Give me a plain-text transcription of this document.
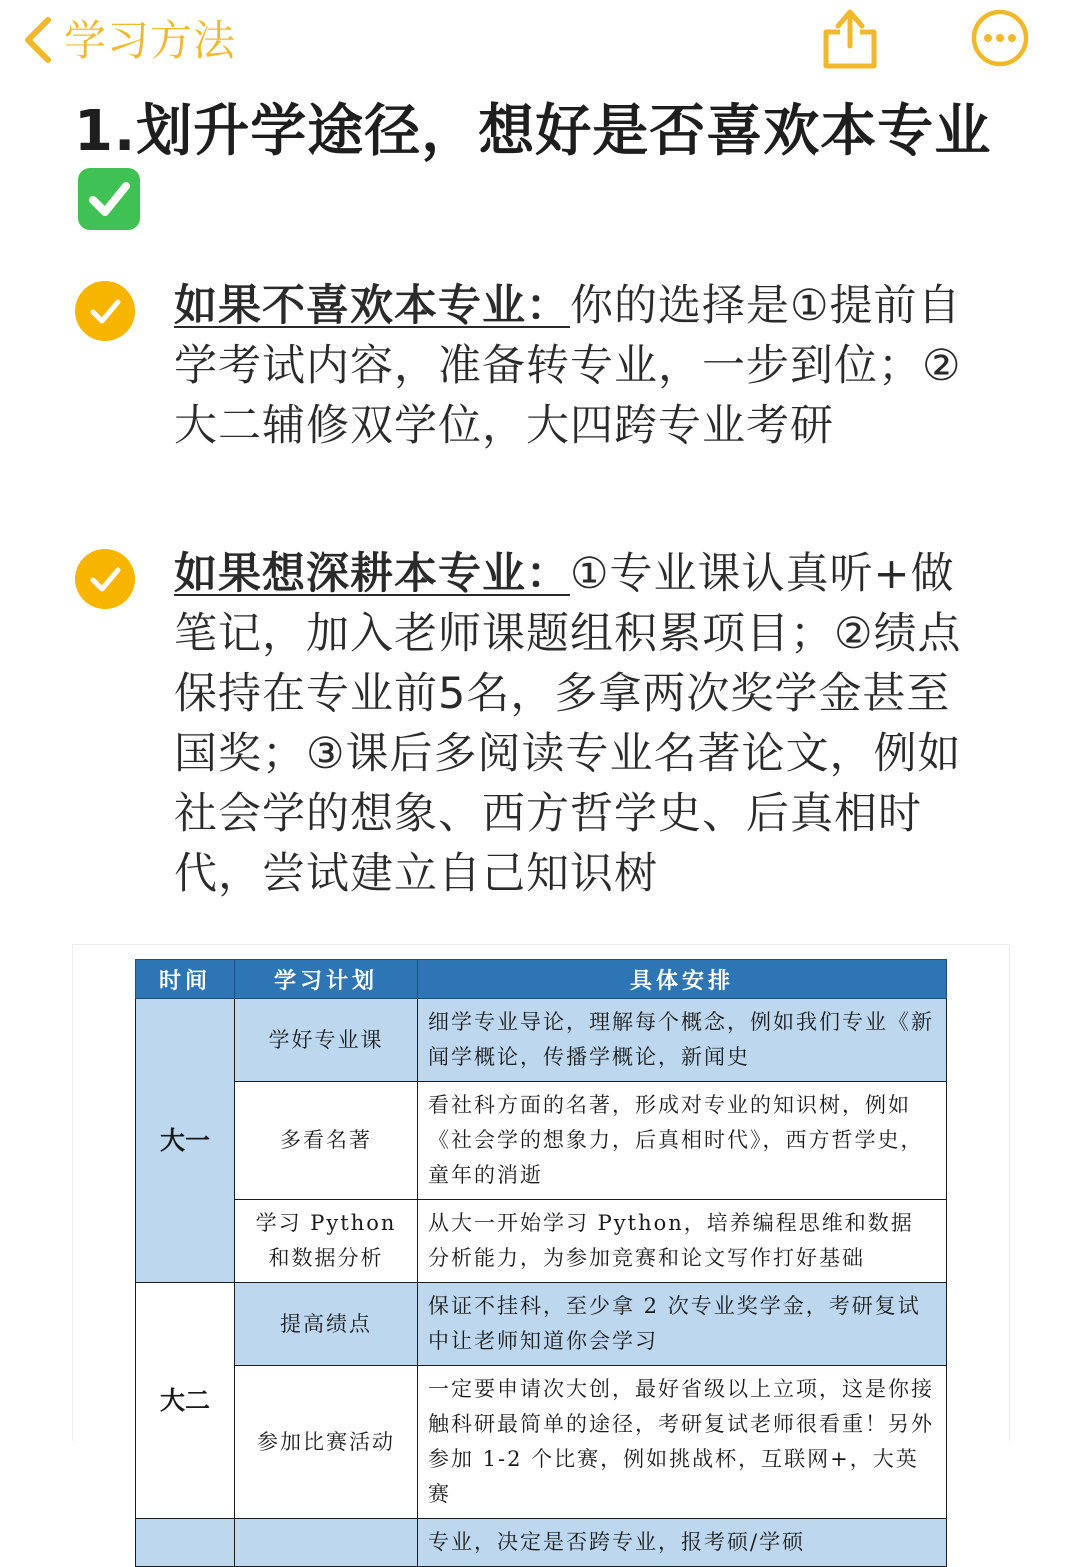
学习方法
1.划升学途径，想好是否喜欢本专业
如果不喜欢本专业：你的选择是①提前自学考试内容，准备转专业，一步到位；②大二辅修双学位，大四跨专业考研
如果想深耕本专业：①专业课认真听+做笔记，加入老师课题组积累项目；②绩点保持在专业前5名，多拿两次奖学金甚至国奖；③课后多阅读专业名著论文，例如社会学的想象、西方哲学史、后真相时代，尝试建立自己知识树
时间	学习计划	具体安排
大一	学好专业课	细学专业导论，理解每个概念，例如我们专业《新闻学概论，传播学概论，新闻史
	多看名著	看社科方面的名著，形成对专业的知识树，例如《社会学的想象力，后真相时代》，西方哲学史，童年的消逝
	学习 Python 和数据分析	从大一开始学习 Python，培养编程思维和数据分析能力，为参加竞赛和论文写作打好基础
大二	提高绩点	保证不挂科，至少拿 2 次专业奖学金，考研复试中让老师知道你会学习
	参加比赛活动	一定要申请次大创，最好省级以上立项，这是你接触科研最简单的途径，考研复试老师很看重！另外参加 1-2 个比赛，例如挑战杯，互联网+，大英赛
		专业，决定是否跨专业，报考硕/学硕
